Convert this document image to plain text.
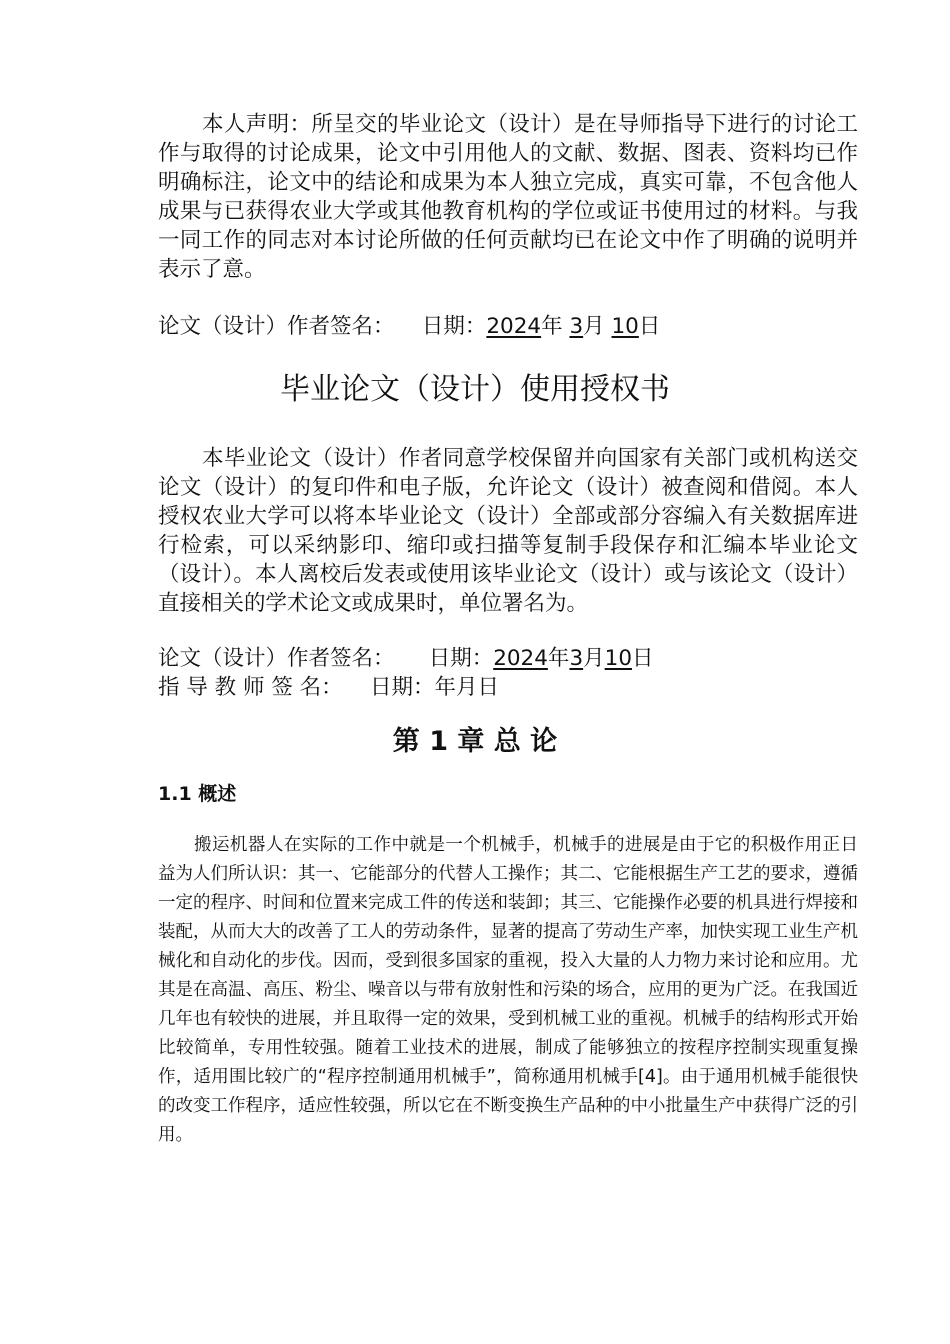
本人声明：所呈交的毕业论文（设计）是在导师指导下进行的讨论工作与取得的讨论成果，论文中引用他人的文献、数据、图表、资料均已作明确标注，论文中的结论和成果为本人独立完成，真实可靠，不包含他人成果与已获得农业大学或其他教育机构的学位或证书使用过的材料。与我一同工作的同志对本讨论所做的任何贡献均已在论文中作了明确的说明并表示了意。

论文（设计）作者签名： 日期：2024年 3月 10日
毕业论文（设计）使用授权书

本毕业论文（设计）作者同意学校保留并向国家有关部门或机构送交论文（设计）的复印件和电子版，允许论文（设计）被查阅和借阅。本人授权农业大学可以将本毕业论文（设计）全部或部分容编入有关数据库进行检索，可以采纳影印、缩印或扫描等复制手段保存和汇编本毕业论文（设计）。本人离校后发表或使用该毕业论文（设计）或与该论文（设计）直接相关的学术论文或成果时，单位署名为。

论文（设计）作者签名： 日期：2024年3月10日
指 导 教 师 签 名： 日期：年月日
第 1 章 总 论
1.1 概述

搬运机器人在实际的工作中就是一个机械手，机械手的进展是由于它的积极作用正日益为人们所认识：其一、它能部分的代替人工操作；其二、它能根据生产工艺的要求，遵循一定的程序、时间和位置来完成工件的传送和装卸；其三、它能操作必要的机具进行焊接和装配，从而大大的改善了工人的劳动条件，显著的提高了劳动生产率，加快实现工业生产机械化和自动化的步伐。因而，受到很多国家的重视，投入大量的人力物力来讨论和应用。尤其是在高温、高压、粉尘、噪音以与带有放射性和污染的场合，应用的更为广泛。在我国近几年也有较快的进展，并且取得一定的效果，受到机械工业的重视。机械手的结构形式开始比较简单，专用性较强。随着工业技术的进展，制成了能够独立的按程序控制实现重复操作，适用围比较广的“程序控制通用机械手”，简称通用机械手[4]。由于通用机械手能很快的改变工作程序，适应性较强，所以它在不断变换生产品种的中小批量生产中获得广泛的引用。
